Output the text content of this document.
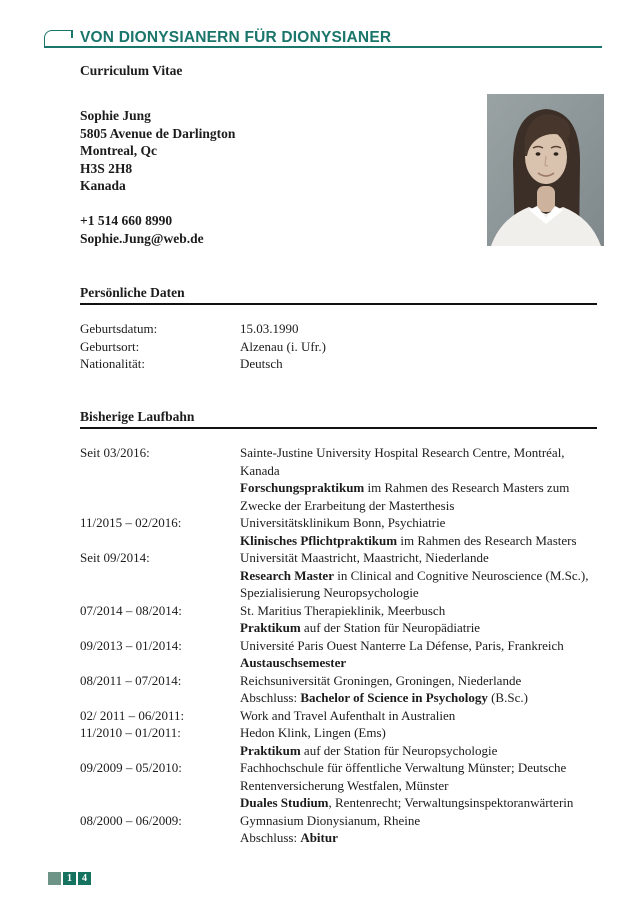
VON DIONYSIANERN FÜR DIONYSIANER
Curriculum Vitae
Sophie Jung
5805 Avenue de Darlington
Montreal, Qc
H3S 2H8
Kanada
+1 514 660 8990
Sophie.Jung@web.de
Persönliche Daten
Geburtsdatum:	15.03.1990
Geburtsort:	Alzenau (i. Ufr.)
Nationalität:	Deutsch
Bisherige Laufbahn
Seit 03/2016:	Sainte-Justine University Hospital Research Centre, Montréal,
Kanada
Forschungspraktikum im Rahmen des Research Masters zum
Zwecke der Erarbeitung der Masterthesis
11/2015 – 02/2016:	Universitätsklinikum Bonn, Psychiatrie
Klinisches Pflichtpraktikum im Rahmen des Research Masters
Seit 09/2014:	Universität Maastricht, Maastricht, Niederlande
Research Master in Clinical and Cognitive Neuroscience (M.Sc.),
Spezialisierung Neuropsychologie
07/2014 – 08/2014:	St. Maritius Therapieklinik, Meerbusch
Praktikum auf der Station für Neuropädiatrie
09/2013 – 01/2014:	Université Paris Ouest Nanterre La Défense, Paris, Frankreich
Austauschsemester
08/2011 – 07/2014:	Reichsuniversität Groningen, Groningen, Niederlande
Abschluss: Bachelor of Science in Psychology (B.Sc.)
02/ 2011 – 06/2011:	Work and Travel Aufenthalt in Australien
11/2010 – 01/2011:	Hedon Klink, Lingen (Ems)
Praktikum auf der Station für Neuropsychologie
09/2009 – 05/2010:	Fachhochschule für öffentliche Verwaltung Münster; Deutsche
Rentenversicherung Westfalen, Münster
Duales Studium, Rentenrecht; Verwaltungsinspektoranwärterin
08/2000 – 06/2009:	Gymnasium Dionysianum, Rheine
Abschluss: Abitur
1	4
